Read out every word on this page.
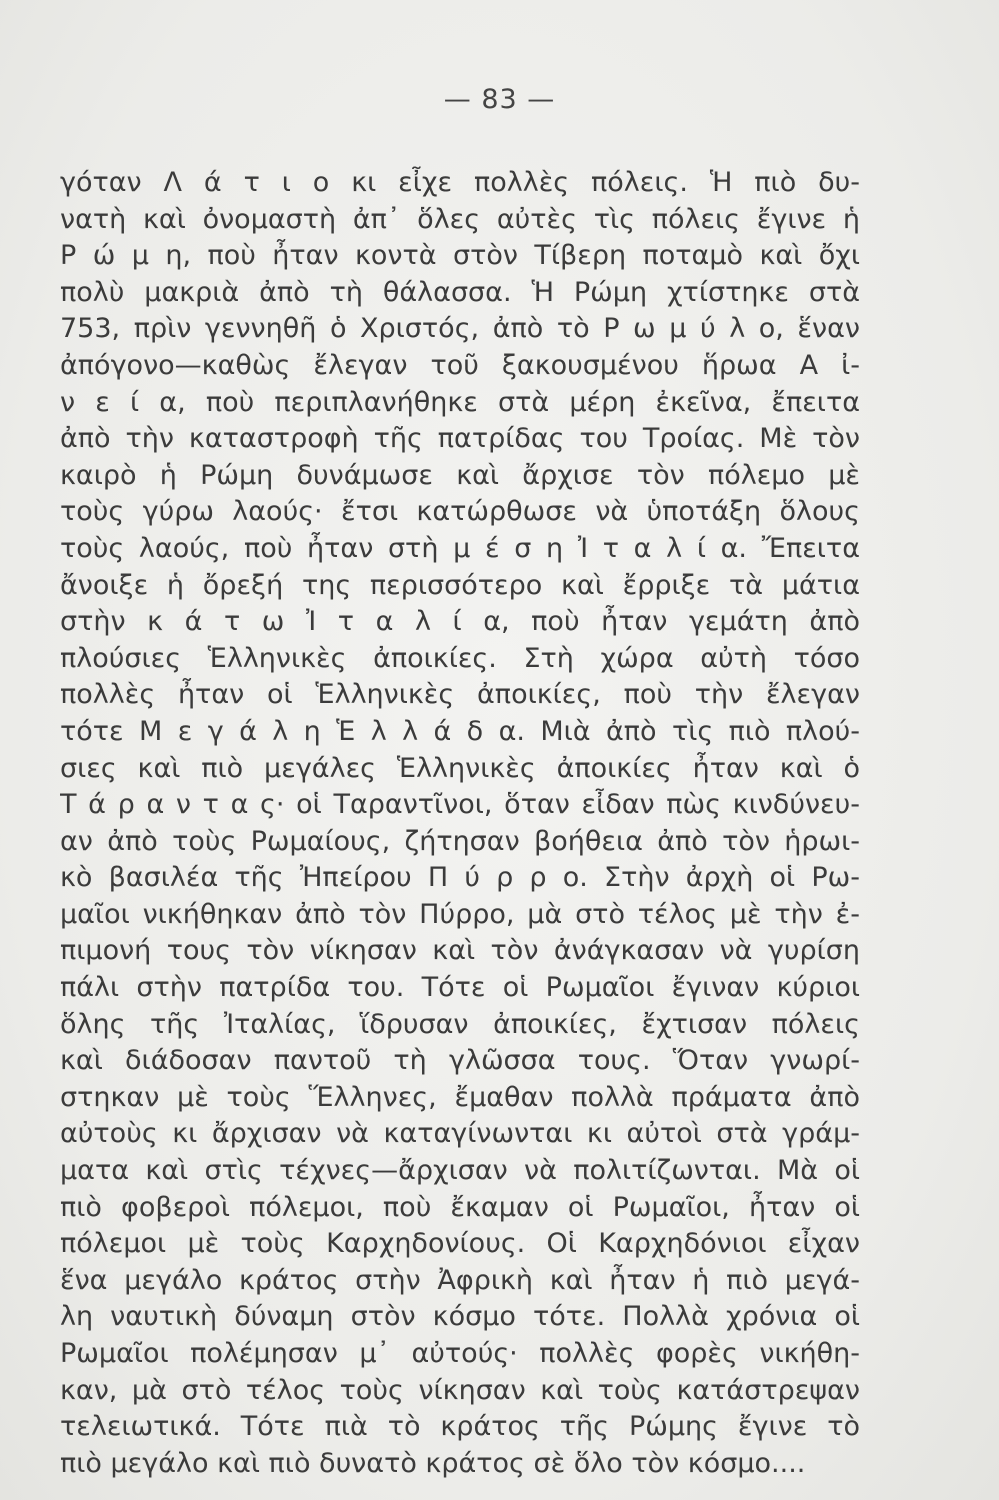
— 83 —
γόταν Λ ά τ ι ο κι εἶχε πολλὲς πόλεις. Ἡ πιὸ δυ-
νατὴ καὶ ὀνομαστὴ ἀπ᾽ ὅλες αὐτὲς τὶς πόλεις ἔγινε ἡ
Ρ ώ μ η, ποὺ ἦταν κοντὰ στὸν Τίβερη ποταμὸ καὶ ὄχι
πολὺ μακριὰ ἀπὸ τὴ θάλασσα. Ἡ Ρώμη χτίστηκε στὰ
753, πρὶν γεννηθῆ ὁ Χριστός, ἀπὸ τὸ Ρ ω μ ύ λ ο, ἕναν
ἀπόγονο—καθὼς ἔλεγαν τοῦ ξακουσμένου ἥρωα Α ἰ-
ν ε ί α, ποὺ περιπλανήθηκε στὰ μέρη ἐκεῖνα, ἔπειτα
ἀπὸ τὴν καταστροφὴ τῆς πατρίδας του Τροίας. Μὲ τὸν
καιρὸ ἡ Ρώμη δυνάμωσε καὶ ἄρχισε τὸν πόλεμο μὲ
τοὺς γύρω λαούς· ἔτσι κατώρθωσε νὰ ὑποτάξη ὅλους
τοὺς λαούς, ποὺ ἦταν στὴ μ έ σ η Ἰ τ α λ ί α. Ἔπειτα
ἄνοιξε ἡ ὄρεξή της περισσότερο καὶ ἔρριξε τὰ μάτια
στὴν κ ά τ ω Ἰ τ α λ ί α, ποὺ ἦταν γεμάτη ἀπὸ
πλούσιες Ἑλληνικὲς ἀποικίες. Στὴ χώρα αὐτὴ τόσο
πολλὲς ἦταν οἱ Ἑλληνικὲς ἀποικίες, ποὺ τὴν ἔλεγαν
τότε Μ ε γ ά λ η Ἑ λ λ ά δ α. Μιὰ ἀπὸ τὶς πιὸ πλού-
σιες καὶ πιὸ μεγάλες Ἑλληνικὲς ἀποικίες ἦταν καὶ ὁ
Τ ά ρ α ν τ α ς· οἱ Ταραντῖνοι, ὅταν εἶδαν πὼς κινδύνευ-
αν ἀπὸ τοὺς Ρωμαίους, ζήτησαν βοήθεια ἀπὸ τὸν ἡρωι-
κὸ βασιλέα τῆς Ἠπείρου Π ύ ρ ρ ο. Στὴν ἀρχὴ οἱ Ρω-
μαῖοι νικήθηκαν ἀπὸ τὸν Πύρρο, μὰ στὸ τέλος μὲ τὴν ἐ-
πιμονή τους τὸν νίκησαν καὶ τὸν ἀνάγκασαν νὰ γυρίση
πάλι στὴν πατρίδα του. Τότε οἱ Ρωμαῖοι ἔγιναν κύριοι
ὅλης τῆς Ἰταλίας, ἵδρυσαν ἀποικίες, ἔχτισαν πόλεις
καὶ διάδοσαν παντοῦ τὴ γλῶσσα τους. Ὅταν γνωρί-
στηκαν μὲ τοὺς Ἕλληνες, ἔμαθαν πολλὰ πράματα ἀπὸ
αὐτοὺς κι ἄρχισαν νὰ καταγίνωνται κι αὐτοὶ στὰ γράμ-
ματα καὶ στὶς τέχνες—ἄρχισαν νὰ πολιτίζωνται. Μὰ οἱ
πιὸ φοβεροὶ πόλεμοι, ποὺ ἔκαμαν οἱ Ρωμαῖοι, ἦταν οἱ
πόλεμοι μὲ τοὺς Καρχηδονίους. Οἱ Καρχηδόνιοι εἶχαν
ἕνα μεγάλο κράτος στὴν Ἀφρικὴ καὶ ἦταν ἡ πιὸ μεγά-
λη ναυτικὴ δύναμη στὸν κόσμο τότε. Πολλὰ χρόνια οἱ
Ρωμαῖοι πολέμησαν μ᾽ αὐτούς· πολλὲς φορὲς νικήθη-
καν, μὰ στὸ τέλος τοὺς νίκησαν καὶ τοὺς κατάστρεψαν
τελειωτικά. Τότε πιὰ τὸ κράτος τῆς Ρώμης ἔγινε τὸ
πιὸ μεγάλο καὶ πιὸ δυνατὸ κράτος σὲ ὅλο τὸν κόσμο....
